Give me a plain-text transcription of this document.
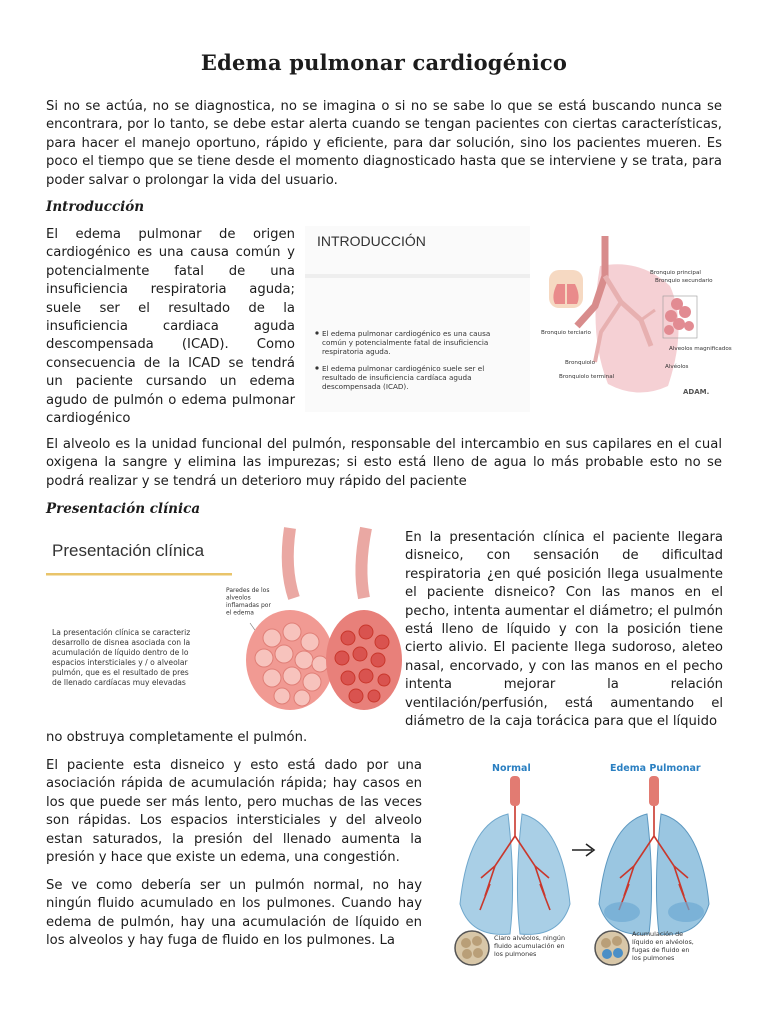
Edema pulmonar cardiogénico
Si no se actúa, no se diagnostica, no se imagina o si no se sabe lo que se está buscando nunca se encontrara, por lo tanto, se debe estar alerta cuando se tengan pacientes con ciertas características, para hacer el manejo oportuno, rápido y eficiente, para dar solución, sino los pacientes mueren. Es poco el tiempo que se tiene desde el momento diagnosticado hasta que se interviene y se trata, para poder salvar o prolongar la vida del usuario.
Introducción
El edema pulmonar de origen cardiogénico es una causa común y potencialmente fatal de una insuficiencia respiratoria aguda; suele ser el resultado de la insuficiencia cardiaca aguda descompensada (ICAD). Como consecuencia de la ICAD se tendrá un paciente cursando un edema agudo de pulmón o edema pulmonar cardiogénico
INTRODUCCIÓN
El edema pulmonar cardiogénico es una causa común y potencialmente fatal de insuficiencia respiratoria aguda.
El edema pulmonar cardiogénico suele ser el resultado de insuficiencia cardíaca aguda descompensada (ICAD).
Bronquio principal
Bronquio secundario
Bronquio terciario
Bronquiolo
Bronquiolo terminal
Alveolos magnificados
Alvéolos
ADAM.
El alveolo es la unidad funcional del pulmón, responsable del intercambio en sus capilares en el cual oxigena la sangre y elimina las impurezas; si esto está lleno de agua lo más probable esto no se podrá realizar y se tendrá un deterioro muy rápido del paciente
Presentación clínica
Presentación clínica
La presentación clínica se caracteriz desarrollo de disnea asociada con la acumulación de líquido dentro de lo espacios intersticiales y / o alveolar pulmón, que es el resultado de pres de llenado cardíacas muy elevadas
Paredes de los alveolos inflamadas por el edema
En la presentación clínica el paciente llegara disneico, con sensación de dificultad respiratoria ¿en qué posición llega usualmente el paciente disneico? Con las manos en el pecho, intenta aumentar el diámetro; el pulmón está lleno de líquido y con la posición tiene cierto alivio. El paciente llega sudoroso, aleteo nasal, encorvado, y con las manos en el pecho intenta mejorar la relación ventilación/perfusión, está aumentando el diámetro de la caja torácica para que el líquido
no obstruya completamente el pulmón.
El paciente esta disneico y esto está dado por una asociación rápida de acumulación rápida; hay casos en los que puede ser más lento, pero muchas de las veces son rápidas. Los espacios intersticiales y del alveolo estan saturados, la presión del llenado aumenta la presión y hace que existe un edema, una congestión.
Se ve como debería ser un pulmón normal, no hay ningún fluido acumulado en los pulmones. Cuando hay edema de pulmón, hay una acumulación de líquido en los alveolos y hay fuga de fluido en los pulmones. La
Normal	Edema Pulmonar
Claro alvéolos, ningún fluido acumulación en los pulmones
Acumulación de líquido en alvéolos, fugas de fluido en los pulmones
